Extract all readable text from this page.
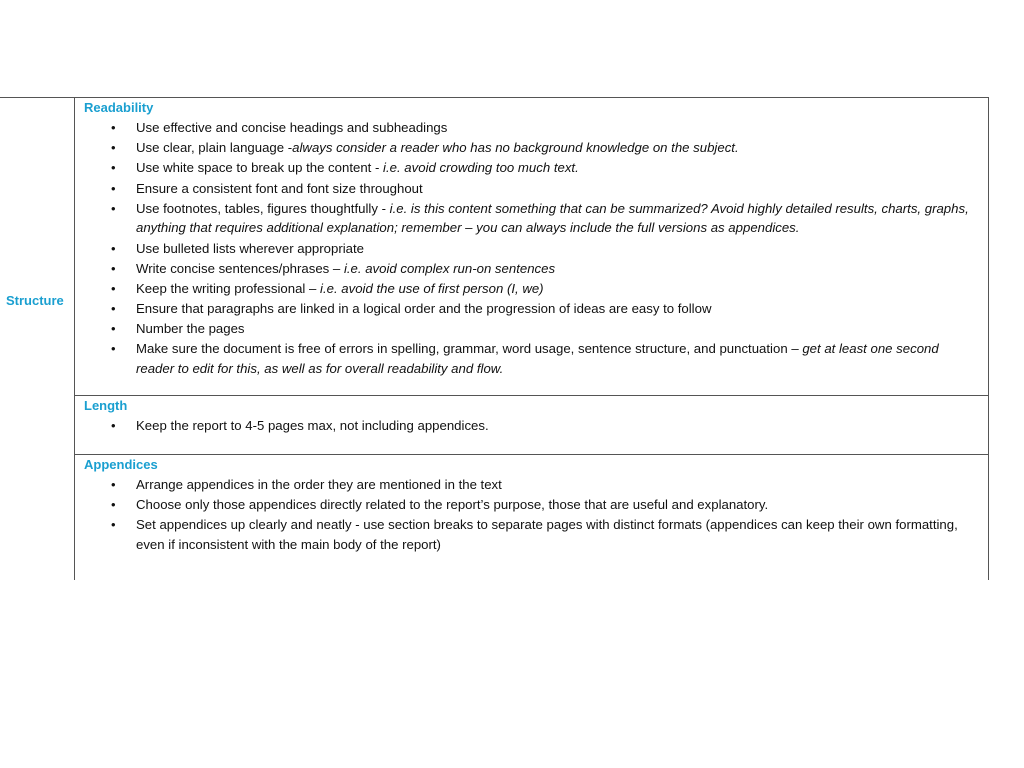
Structure
Readability
• Use effective and concise headings and subheadings
• Use clear, plain language -always consider a reader who has no background knowledge on the subject.
• Use white space to break up the content - i.e. avoid crowding too much text.
• Ensure a consistent font and font size throughout
• Use footnotes, tables, figures thoughtfully - i.e. is this content something that can be summarized? Avoid highly detailed results, charts, graphs, anything that requires additional explanation; remember – you can always include the full versions as appendices.
• Use bulleted lists wherever appropriate
• Write concise sentences/phrases – i.e. avoid complex run-on sentences
• Keep the writing professional – i.e. avoid the use of first person (I, we)
• Ensure that paragraphs are linked in a logical order and the progression of ideas are easy to follow
• Number the pages
• Make sure the document is free of errors in spelling, grammar, word usage, sentence structure, and punctuation – get at least one second reader to edit for this, as well as for overall readability and flow.
Length
• Keep the report to 4-5 pages max, not including appendices.
Appendices
• Arrange appendices in the order they are mentioned in the text
• Choose only those appendices directly related to the report’s purpose, those that are useful and explanatory.
• Set appendices up clearly and neatly - use section breaks to separate pages with distinct formats (appendices can keep their own formatting, even if inconsistent with the main body of the report)
